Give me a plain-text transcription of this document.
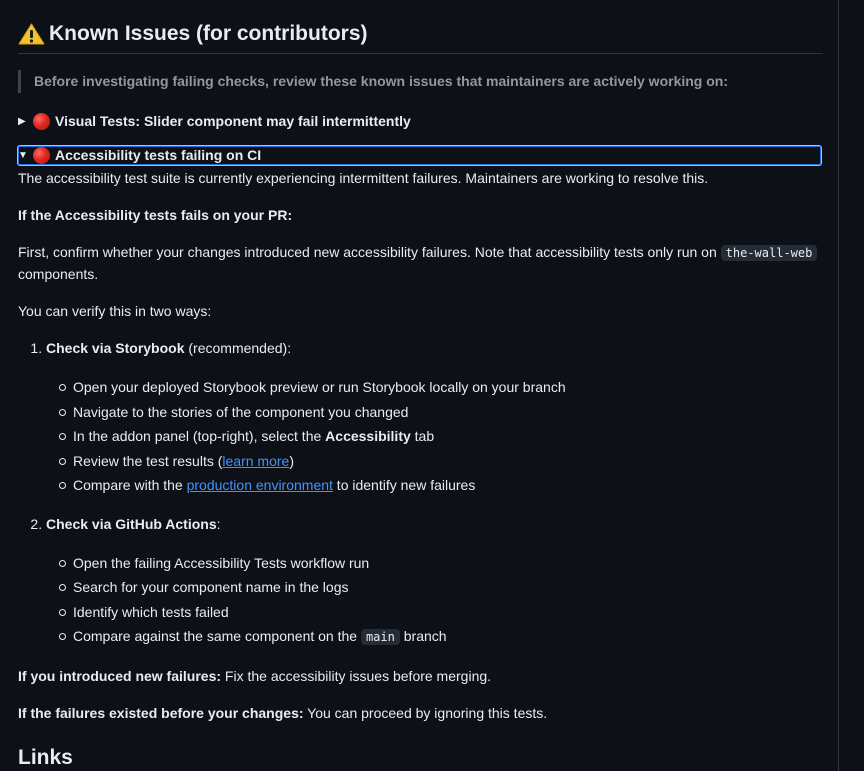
Known Issues (for contributors)
Before investigating failing checks, review these known issues that maintainers are actively working on:
▶	Visual Tests: Slider component may fail intermittently
▼ Accessibility tests failing on CI

The accessibility test suite is currently experiencing intermittent failures. Maintainers are working to resolve this.

If the Accessibility tests fails on your PR:

First, confirm whether your changes introduced new accessibility failures. Note that accessibility tests only run on the-wall-web components.

You can verify this in two ways:

1. Check via Storybook (recommended):
Open your deployed Storybook preview or run Storybook locally on your branch
Navigate to the stories of the component you changed
In the addon panel (top-right), select the Accessibility tab
Review the test results (learn more)
Compare with the production environment to identify new failures
2. Check via GitHub Actions:
Open the failing Accessibility Tests workflow run
Search for your component name in the logs
Identify which tests failed
Compare against the same component on the main branch

If you introduced new failures: Fix the accessibility issues before merging.

If the failures existed before your changes: You can proceed by ignoring this tests.

Links
